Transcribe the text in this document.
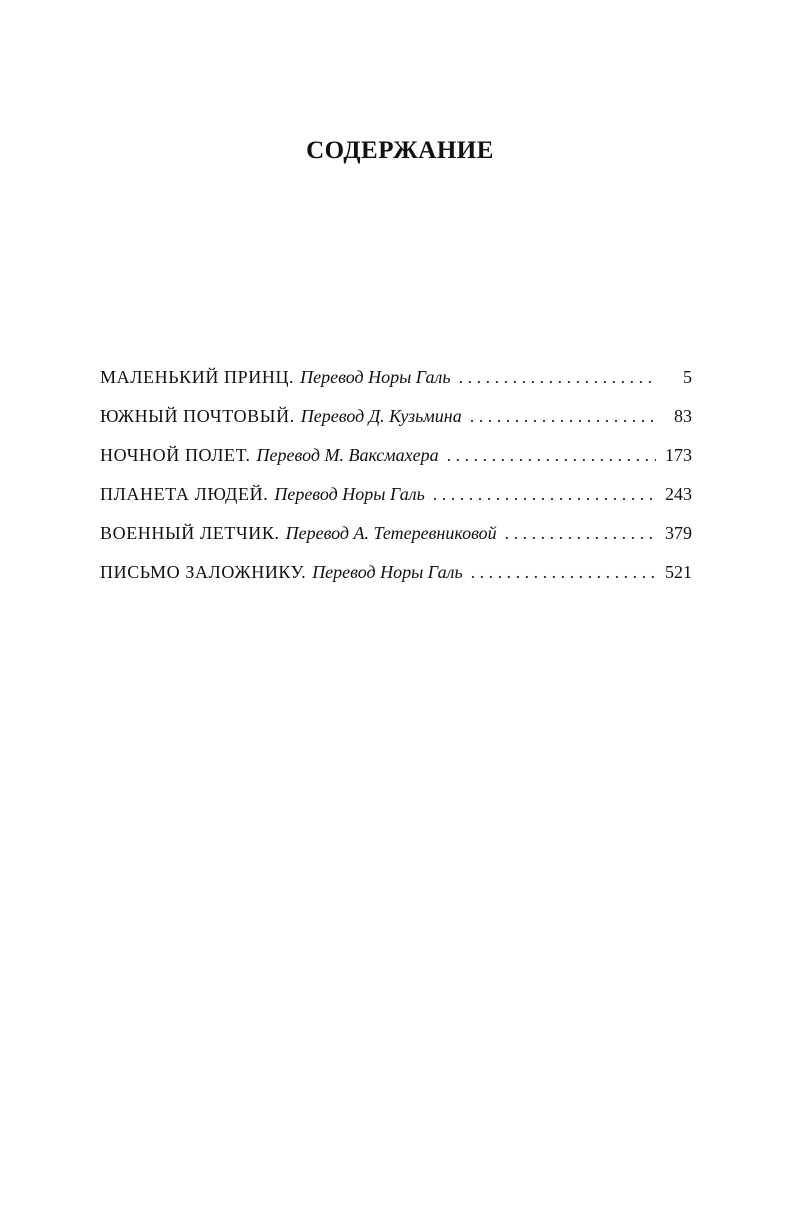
СОДЕРЖАНИЕ
МАЛЕНЬКИЙ ПРИНЦ. Перевод Норы Галь . . .	5
ЮЖНЫЙ ПОЧТОВЫЙ. Перевод Д. Кузьмина . . .	83
НОЧНОЙ ПОЛЕТ. Перевод М. Ваксмахера . . .	173
ПЛАНЕТА ЛЮДЕЙ. Перевод Норы Галь . . .	243
ВОЕННЫЙ ЛЕТЧИК. Перевод А. Тетеревниковой . . .	379
ПИСЬМО ЗАЛОЖНИКУ. Перевод Норы Галь . . .	521
